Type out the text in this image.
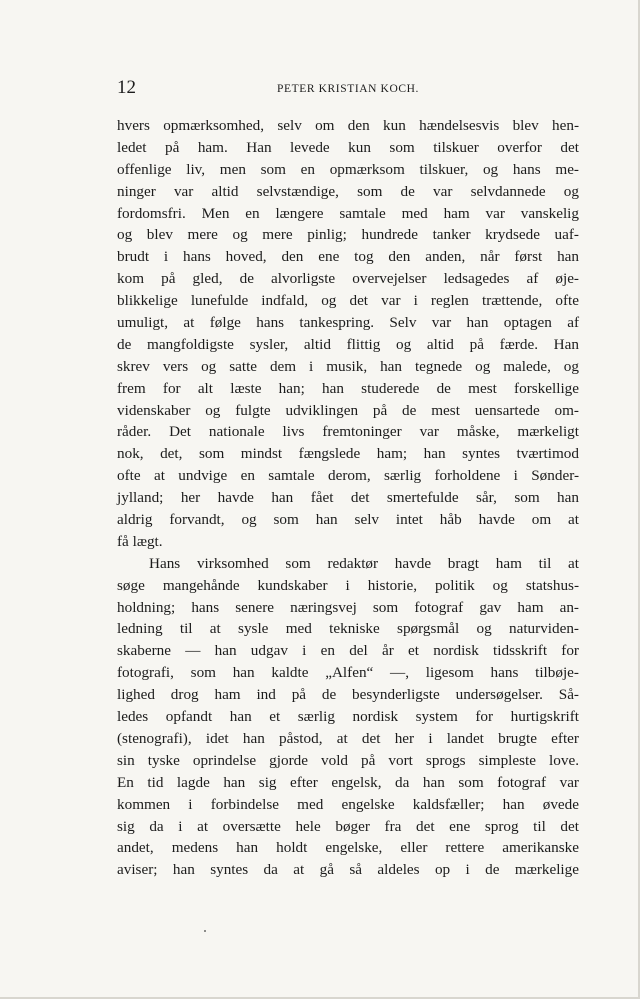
12	PETER KRISTIAN KOCH.
hvers opmærksomhed, selv om den kun hændelsesvis blev hen-
ledet på ham. Han levede kun som tilskuer overfor det
offenlige liv, men som en opmærksom tilskuer, og hans me-
ninger var altid selvstændige, som de var selvdannede og
fordomsfri. Men en længere samtale med ham var vanskelig
og blev mere og mere pinlig; hundrede tanker krydsede uaf-
brudt i hans hoved, den ene tog den anden, når først han
kom på gled, de alvorligste overvejelser ledsagedes af øje-
blikkelige lunefulde indfald, og det var i reglen trættende, ofte
umuligt, at følge hans tankespring. Selv var han optagen af
de mangfoldigste sysler, altid flittig og altid på færde. Han
skrev vers og satte dem i musik, han tegnede og malede, og
frem for alt læste han; han studerede de mest forskellige
videnskaber og fulgte udviklingen på de mest uensartede om-
råder. Det nationale livs fremtoninger var måske, mærkeligt
nok, det, som mindst fængslede ham; han syntes tværtimod
ofte at undvige en samtale derom, særlig forholdene i Sønder-
jylland; her havde han fået det smertefulde sår, som han
aldrig forvandt, og som han selv intet håb havde om at
få lægt.
Hans virksomhed som redaktør havde bragt ham til at
søge mangehånde kundskaber i historie, politik og statshus-
holdning; hans senere næringsvej som fotograf gav ham an-
ledning til at sysle med tekniske spørgsmål og naturviden-
skaberne — han udgav i en del år et nordisk tidsskrift for
fotografi, som han kaldte „Alfen“ —, ligesom hans tilbøje-
lighed drog ham ind på de besynderligste undersøgelser. Så-
ledes opfandt han et særlig nordisk system for hurtigskrift
(stenografi), idet han påstod, at det her i landet brugte efter
sin tyske oprindelse gjorde vold på vort sprogs simpleste love.
En tid lagde han sig efter engelsk, da han som fotograf var
kommen i forbindelse med engelske kaldsfæller; han øvede
sig da i at oversætte hele bøger fra det ene sprog til det
andet, medens han holdt engelske, eller rettere amerikanske
aviser; han syntes da at gå så aldeles op i de mærkelige
